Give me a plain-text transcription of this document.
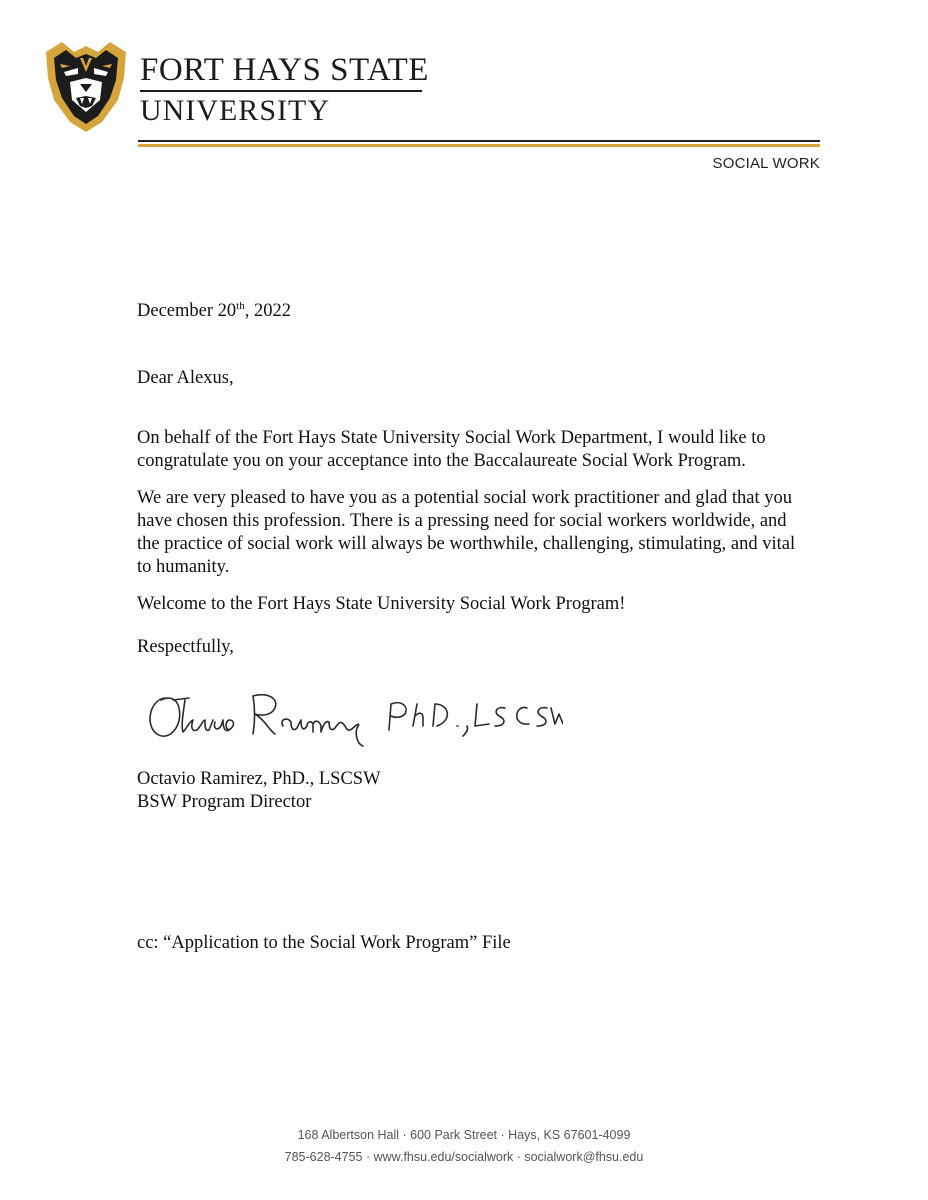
FORT HAYS STATE
UNIVERSITY
SOCIAL WORK
December 20th, 2022
Dear Alexus,
On behalf of the Fort Hays State University Social Work Department, I would like to
congratulate you on your acceptance into the Baccalaureate Social Work Program.
We are very pleased to have you as a potential social work practitioner and glad that you
have chosen this profession. There is a pressing need for social workers worldwide, and
the practice of social work will always be worthwhile, challenging, stimulating, and vital
to humanity.
Welcome to the Fort Hays State University Social Work Program!
Respectfully,
Octavio Ramirez, PhD., LSCSW
BSW Program Director
cc: “Application to the Social Work Program” File
168 Albertson Hall · 600 Park Street · Hays, KS 67601-4099
785-628-4755 · www.fhsu.edu/socialwork · socialwork@fhsu.edu
